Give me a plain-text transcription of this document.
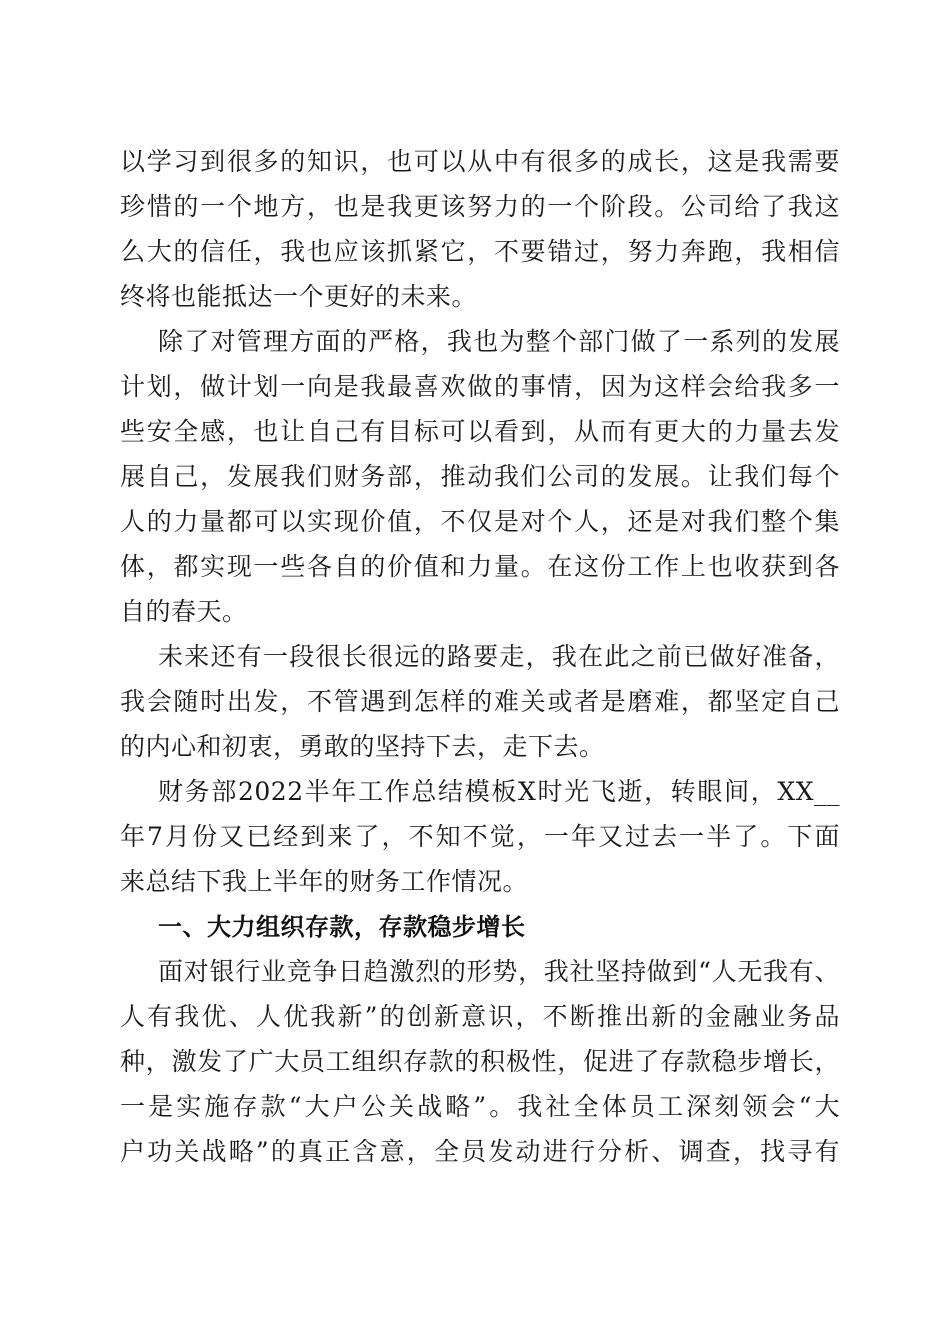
以学习到很多的知识，也可以从中有很多的成长，这是我需要

珍惜的一个地方，也是我更该努力的一个阶段。公司给了我这

么大的信任，我也应该抓紧它，不要错过，努力奔跑，我相信

终将也能抵达一个更好的未来。

除了对管理方面的严格，我也为整个部门做了一系列的发展

计划，做计划一向是我最喜欢做的事情，因为这样会给我多一

些安全感，也让自己有目标可以看到，从而有更大的力量去发

展自己，发展我们财务部，推动我们公司的发展。让我们每个

人的力量都可以实现价值，不仅是对个人，还是对我们整个集

体，都实现一些各自的价值和力量。在这份工作上也收获到各

自的春天。

未来还有一段很长很远的路要走，我在此之前已做好准备，

我会随时出发，不管遇到怎样的难关或者是磨难，都坚定自己

的内心和初衷，勇敢的坚持下去，走下去。

财务部2022半年工作总结模板X时光飞逝，转眼间，XX__

年7月份又已经到来了，不知不觉，一年又过去一半了。下面

来总结下我上半年的财务工作情况。

一、大力组织存款，存款稳步增长

面对银行业竞争日趋激烈的形势，我社坚持做到“人无我有、

人有我优、人优我新”的创新意识，不断推出新的金融业务品

种，激发了广大员工组织存款的积极性，促进了存款稳步增长，

一是实施存款“大户公关战略”。我社全体员工深刻领会“大

户功关战略”的真正含意，全员发动进行分析、调查，找寻有
